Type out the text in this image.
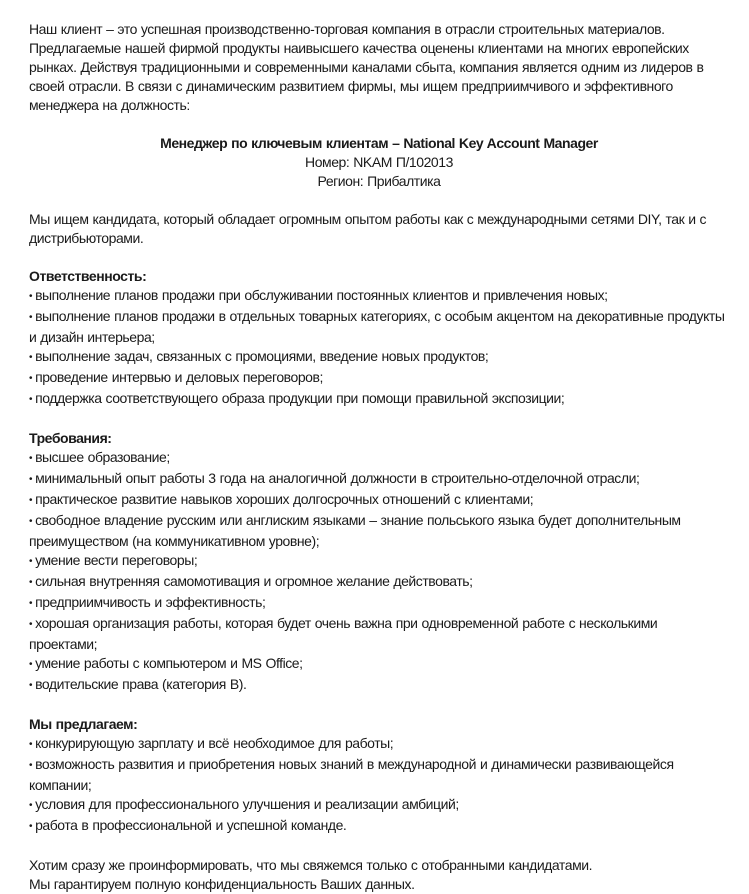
Наш клиент – это успешная производственно-торговая компания в отрасли строительных материалов. Предлагаемые нашей фирмой продукты наивысшего качества оценены клиентами на многих европейских рынках. Действуя традиционными и современными каналами сбыта, компания является одним из лидеров в своей отрасли. В связи с динамическим развитием фирмы, мы ищем предприимчивого и эффективного менеджера на должность:

Менеджер по ключевым клиентам – National Key Account Manager

Номер: NKAM П/102013

Регион: Прибалтика

Мы ищем кандидата, который обладает огромным опытом работы как с международными сетями DIY, так и с дистрибьюторами.

Ответственность:

• выполнение планов продажи при обслуживании постоянных клиентов и привлечения новых;
• выполнение планов продажи в отдельных товарных категориях, с особым акцентом на декоративные продукты и дизайн интерьера;
• выполнение задач, связанных с промоциями, введение новых продуктов;
• проведение интервью и деловых переговоров;
• поддержка соответствующего образа продукции при помощи правильной экспозиции;

Требования:

• высшее образование;
• минимальный опыт работы 3 года на аналогичной должности в строительно-отделочной отрасли;
• практическое развитие навыков хороших долгосрочных отношений с клиентами;
• свободное владение русским или англиским языками – знание польського языка будет дополнительным преимуществом (на коммуникативном уровне);
• умение вести переговоры;
• сильная внутренняя самомотивация и огромное желание действовать;
• предприимчивость и эффективность;
• хорошая организация работы, которая будет очень важна при одновременной работе с несколькими проектами;
• умение работы с компьютером и MS Office;
• водительские права (категория B).

Мы предлагаем:

• конкурирующую зарплату и всё необходимое для работы;
• возможность развития и приобретения новых знаний в международной и динамически развивающейся компании;
• условия для профессионального улучшения и реализации амбиций;
• работа в профессиональной и успешной команде.

Хотим сразу же проинформировать, что мы свяжемся только с отобранными кандидатами.

Мы гарантируем полную конфиденциальность Ваших данных.
